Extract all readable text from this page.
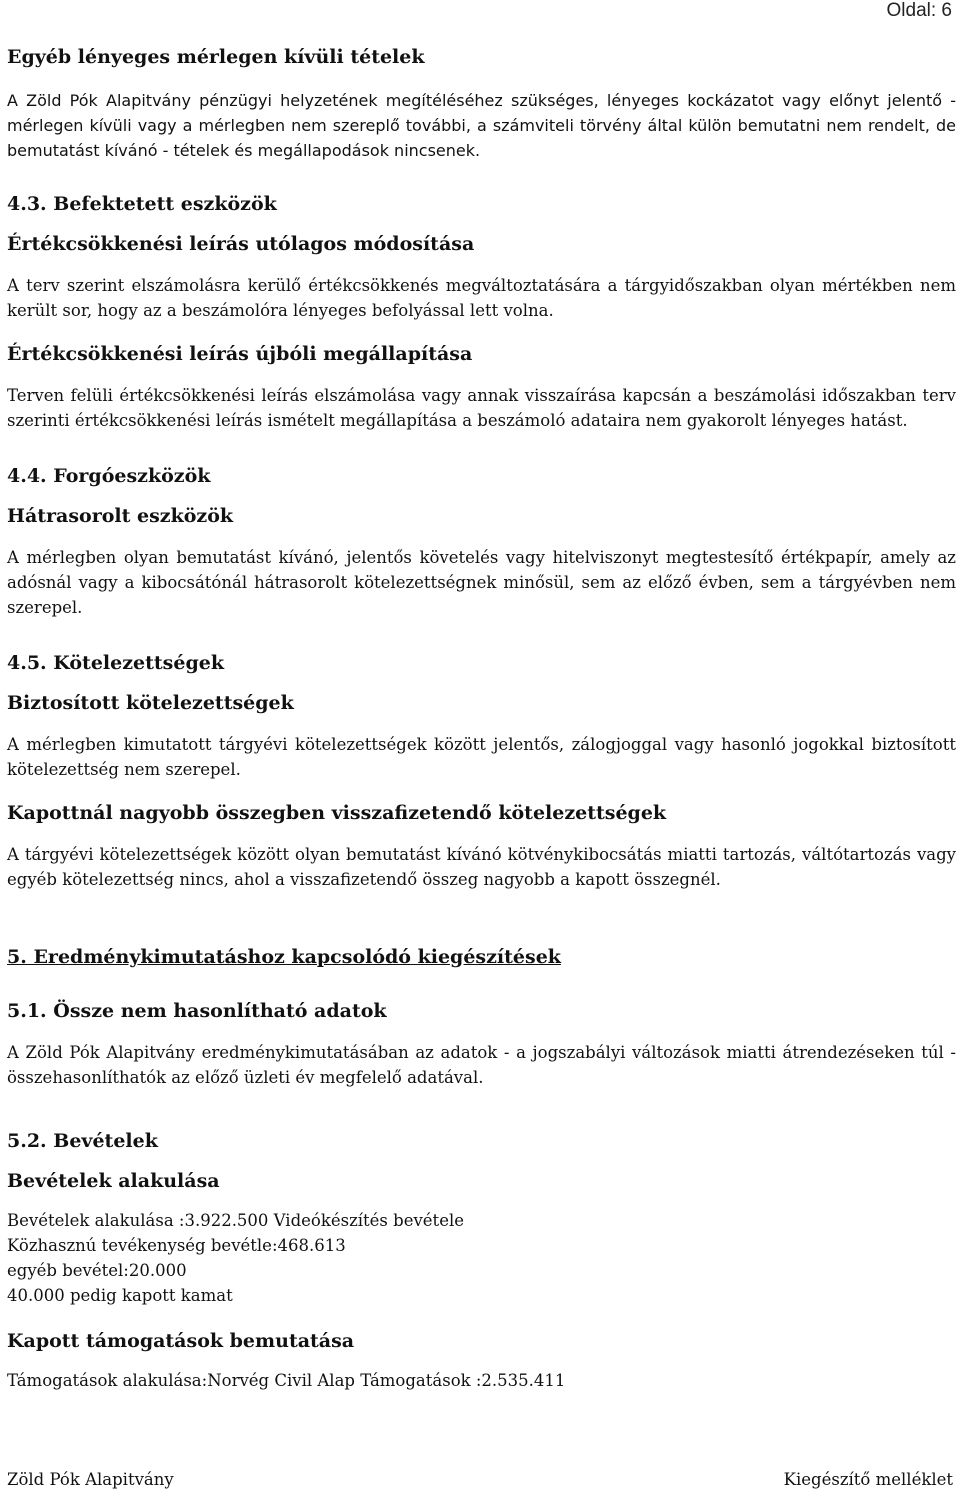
Oldal: 6
Egyéb lényeges mérlegen kívüli tételek
A Zöld Pók Alapitvány pénzügyi helyzetének megítéléséhez szükséges, lényeges kockázatot vagy előnyt jelentő - mérlegen kívüli vagy a mérlegben nem szereplő további, a számviteli törvény által külön bemutatni nem rendelt, de bemutatást kívánó - tételek és megállapodások nincsenek.
4.3. Befektetett eszközök
Értékcsökkenési leírás utólagos módosítása
A terv szerint elszámolásra kerülő értékcsökkenés megváltoztatására a tárgyidőszakban olyan mértékben nem került sor, hogy az a beszámolóra lényeges befolyással lett volna.
Értékcsökkenési leírás újbóli megállapítása
Terven felüli értékcsökkenési leírás elszámolása vagy annak visszaírása kapcsán a beszámolási időszakban terv szerinti értékcsökkenési leírás ismételt megállapítása a beszámoló adataira nem gyakorolt lényeges hatást.
4.4. Forgóeszközök
Hátrasorolt eszközök
A mérlegben olyan bemutatást kívánó, jelentős követelés vagy hitelviszonyt megtestesítő értékpapír, amely az adósnál vagy a kibocsátónál hátrasorolt kötelezettségnek minősül, sem az előző évben, sem a tárgyévben nem szerepel.
4.5. Kötelezettségek
Biztosított kötelezettségek
A mérlegben kimutatott tárgyévi kötelezettségek között jelentős, zálogjoggal vagy hasonló jogokkal biztosított kötelezettség nem szerepel.
Kapottnál nagyobb összegben visszafizetendő kötelezettségek
A tárgyévi kötelezettségek között olyan bemutatást kívánó kötvénykibocsátás miatti tartozás, váltótartozás vagy egyéb kötelezettség nincs, ahol a visszafizetendő összeg nagyobb a kapott összegnél.
5. Eredménykimutatáshoz kapcsolódó kiegészítések
5.1. Össze nem hasonlítható adatok
A Zöld Pók Alapitvány eredménykimutatásában az adatok - a jogszabályi változások miatti átrendezéseken túl - összehasonlíthatók az előző üzleti év megfelelő adatával.
5.2. Bevételek
Bevételek alakulása
Bevételek alakulása :3.922.500 Videókészítés bevétele
Közhasznú tevékenység bevétle:468.613
egyéb bevétel:20.000
40.000 pedig kapott kamat
Kapott támogatások bemutatása
Támogatások alakulása:Norvég Civil Alap Támogatások :2.535.411
Zöld Pók Alapitvány	Kiegészítő melléklet
